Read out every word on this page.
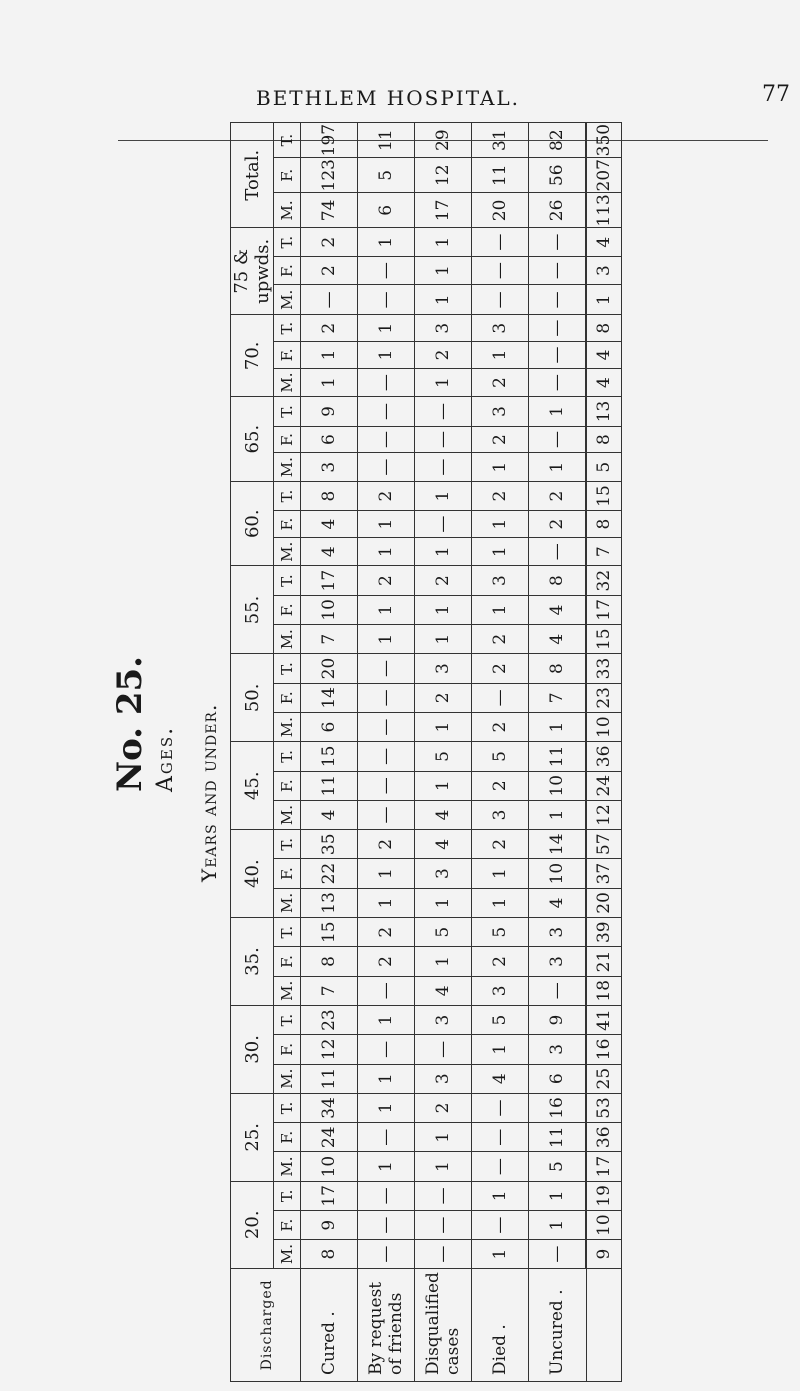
BETHLEM HOSPITAL.	77
No. 25. Ages. Years and under.
Discharged	20.			25.			30.			35.			40.			45.			50.			55.			60.			65.			70.			75 & upwds.			Total.		
	M.	F.	T.	M.	F.	T.	M.	F.	T.	M.	F.	T.	M.	F.	T.	M.	F.	T.	M.	F.	T.	M.	F.	T.	M.	F.	T.	M.	F.	T.	M.	F.	T.	M.	F.	T.	M.	F.	T.
Cured .	8	9	17	10	24	34	11	12	23	7	8	15	13	22	35	4	11	15	6	14	20	7	10	17	4	4	8	3	6	9	1	1	2	—	2	2	74	123	197
By request of friends	—	—	—	1	—	1	1	—	1	—	2	2	1	1	2	—	—	—	—	—	—	1	1	2	1	1	2	—	—	—	—	1	1	—	—	1	6	5	11
Disqualified cases	—	—	—	1	1	2	3	—	3	4	1	5	1	3	4	4	1	5	1	2	3	1	1	2	1	—	1	—	—	—	1	2	3	1	1	1	17	12	29
Died .	1	—	1	—	—	—	4	1	5	3	2	5	1	1	2	3	2	5	2	—	2	2	1	3	1	1	2	1	2	3	2	1	3	—	—	—	20	11	31
Uncured .	—	1	1	5	11	16	6	3	9	—	3	3	4	10	14	1	10	11	1	7	8	4	4	8	—	2	2	1	—	1	—	—	—	—	—	—	26	56	82
	9	10	19	17	36	53	25	16	41	18	21	39	20	37	57	12	24	36	10	23	33	15	17	32	7	8	15	5	8	13	4	4	8	1	3	4	113	207	350
